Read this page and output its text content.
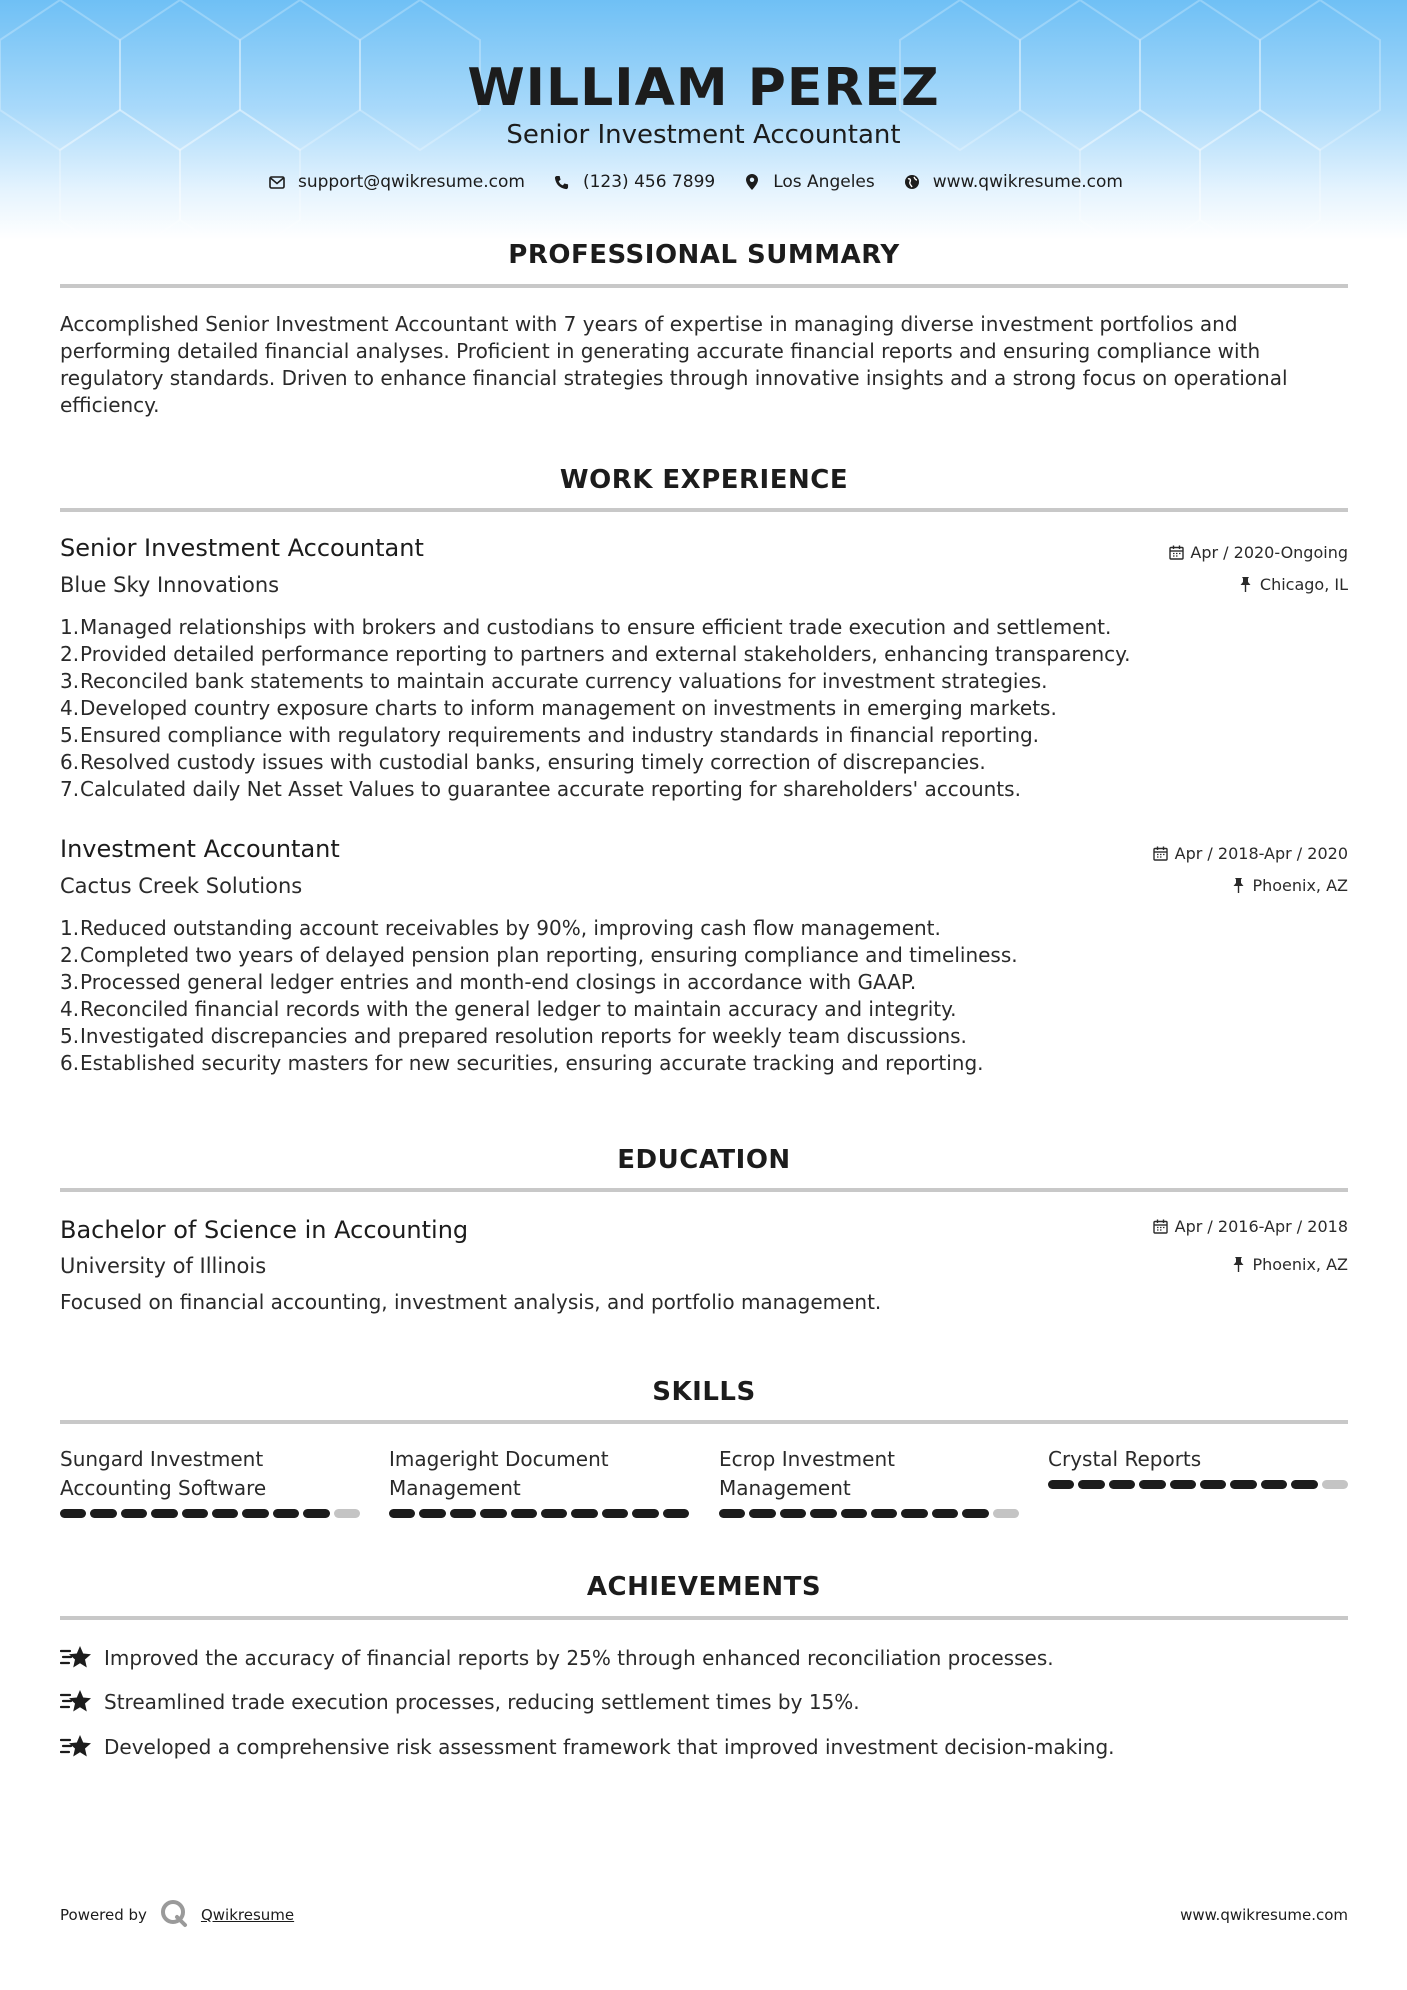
WILLIAM PEREZ
Senior Investment Accountant
support@qwikresume.com	(123) 456 7899	Los Angeles	www.qwikresume.com
PROFESSIONAL SUMMARY
Accomplished Senior Investment Accountant with 7 years of expertise in managing diverse investment portfolios and performing detailed financial analyses. Proficient in generating accurate financial reports and ensuring compliance with regulatory standards. Driven to enhance financial strategies through innovative insights and a strong focus on operational efficiency.
WORK EXPERIENCE
Senior Investment Accountant	Apr / 2020-Ongoing
Blue Sky Innovations	Chicago, IL
1. Managed relationships with brokers and custodians to ensure efficient trade execution and settlement.
2. Provided detailed performance reporting to partners and external stakeholders, enhancing transparency.
3. Reconciled bank statements to maintain accurate currency valuations for investment strategies.
4. Developed country exposure charts to inform management on investments in emerging markets.
5. Ensured compliance with regulatory requirements and industry standards in financial reporting.
6. Resolved custody issues with custodial banks, ensuring timely correction of discrepancies.
7. Calculated daily Net Asset Values to guarantee accurate reporting for shareholders' accounts.
Investment Accountant	Apr / 2018-Apr / 2020
Cactus Creek Solutions	Phoenix, AZ
1. Reduced outstanding account receivables by 90%, improving cash flow management.
2. Completed two years of delayed pension plan reporting, ensuring compliance and timeliness.
3. Processed general ledger entries and month-end closings in accordance with GAAP.
4. Reconciled financial records with the general ledger to maintain accuracy and integrity.
5. Investigated discrepancies and prepared resolution reports for weekly team discussions.
6. Established security masters for new securities, ensuring accurate tracking and reporting.
EDUCATION
Bachelor of Science in Accounting	Apr / 2016-Apr / 2018
University of Illinois	Phoenix, AZ
Focused on financial accounting, investment analysis, and portfolio management.
SKILLS
Sungard Investment
Accounting Software
Imageright Document
Management
Ecrop Investment
Management
Crystal Reports
ACHIEVEMENTS
Improved the accuracy of financial reports by 25% through enhanced reconciliation processes.
Streamlined trade execution processes, reducing settlement times by 15%.
Developed a comprehensive risk assessment framework that improved investment decision-making.
Powered by	Qwikresume	www.qwikresume.com
